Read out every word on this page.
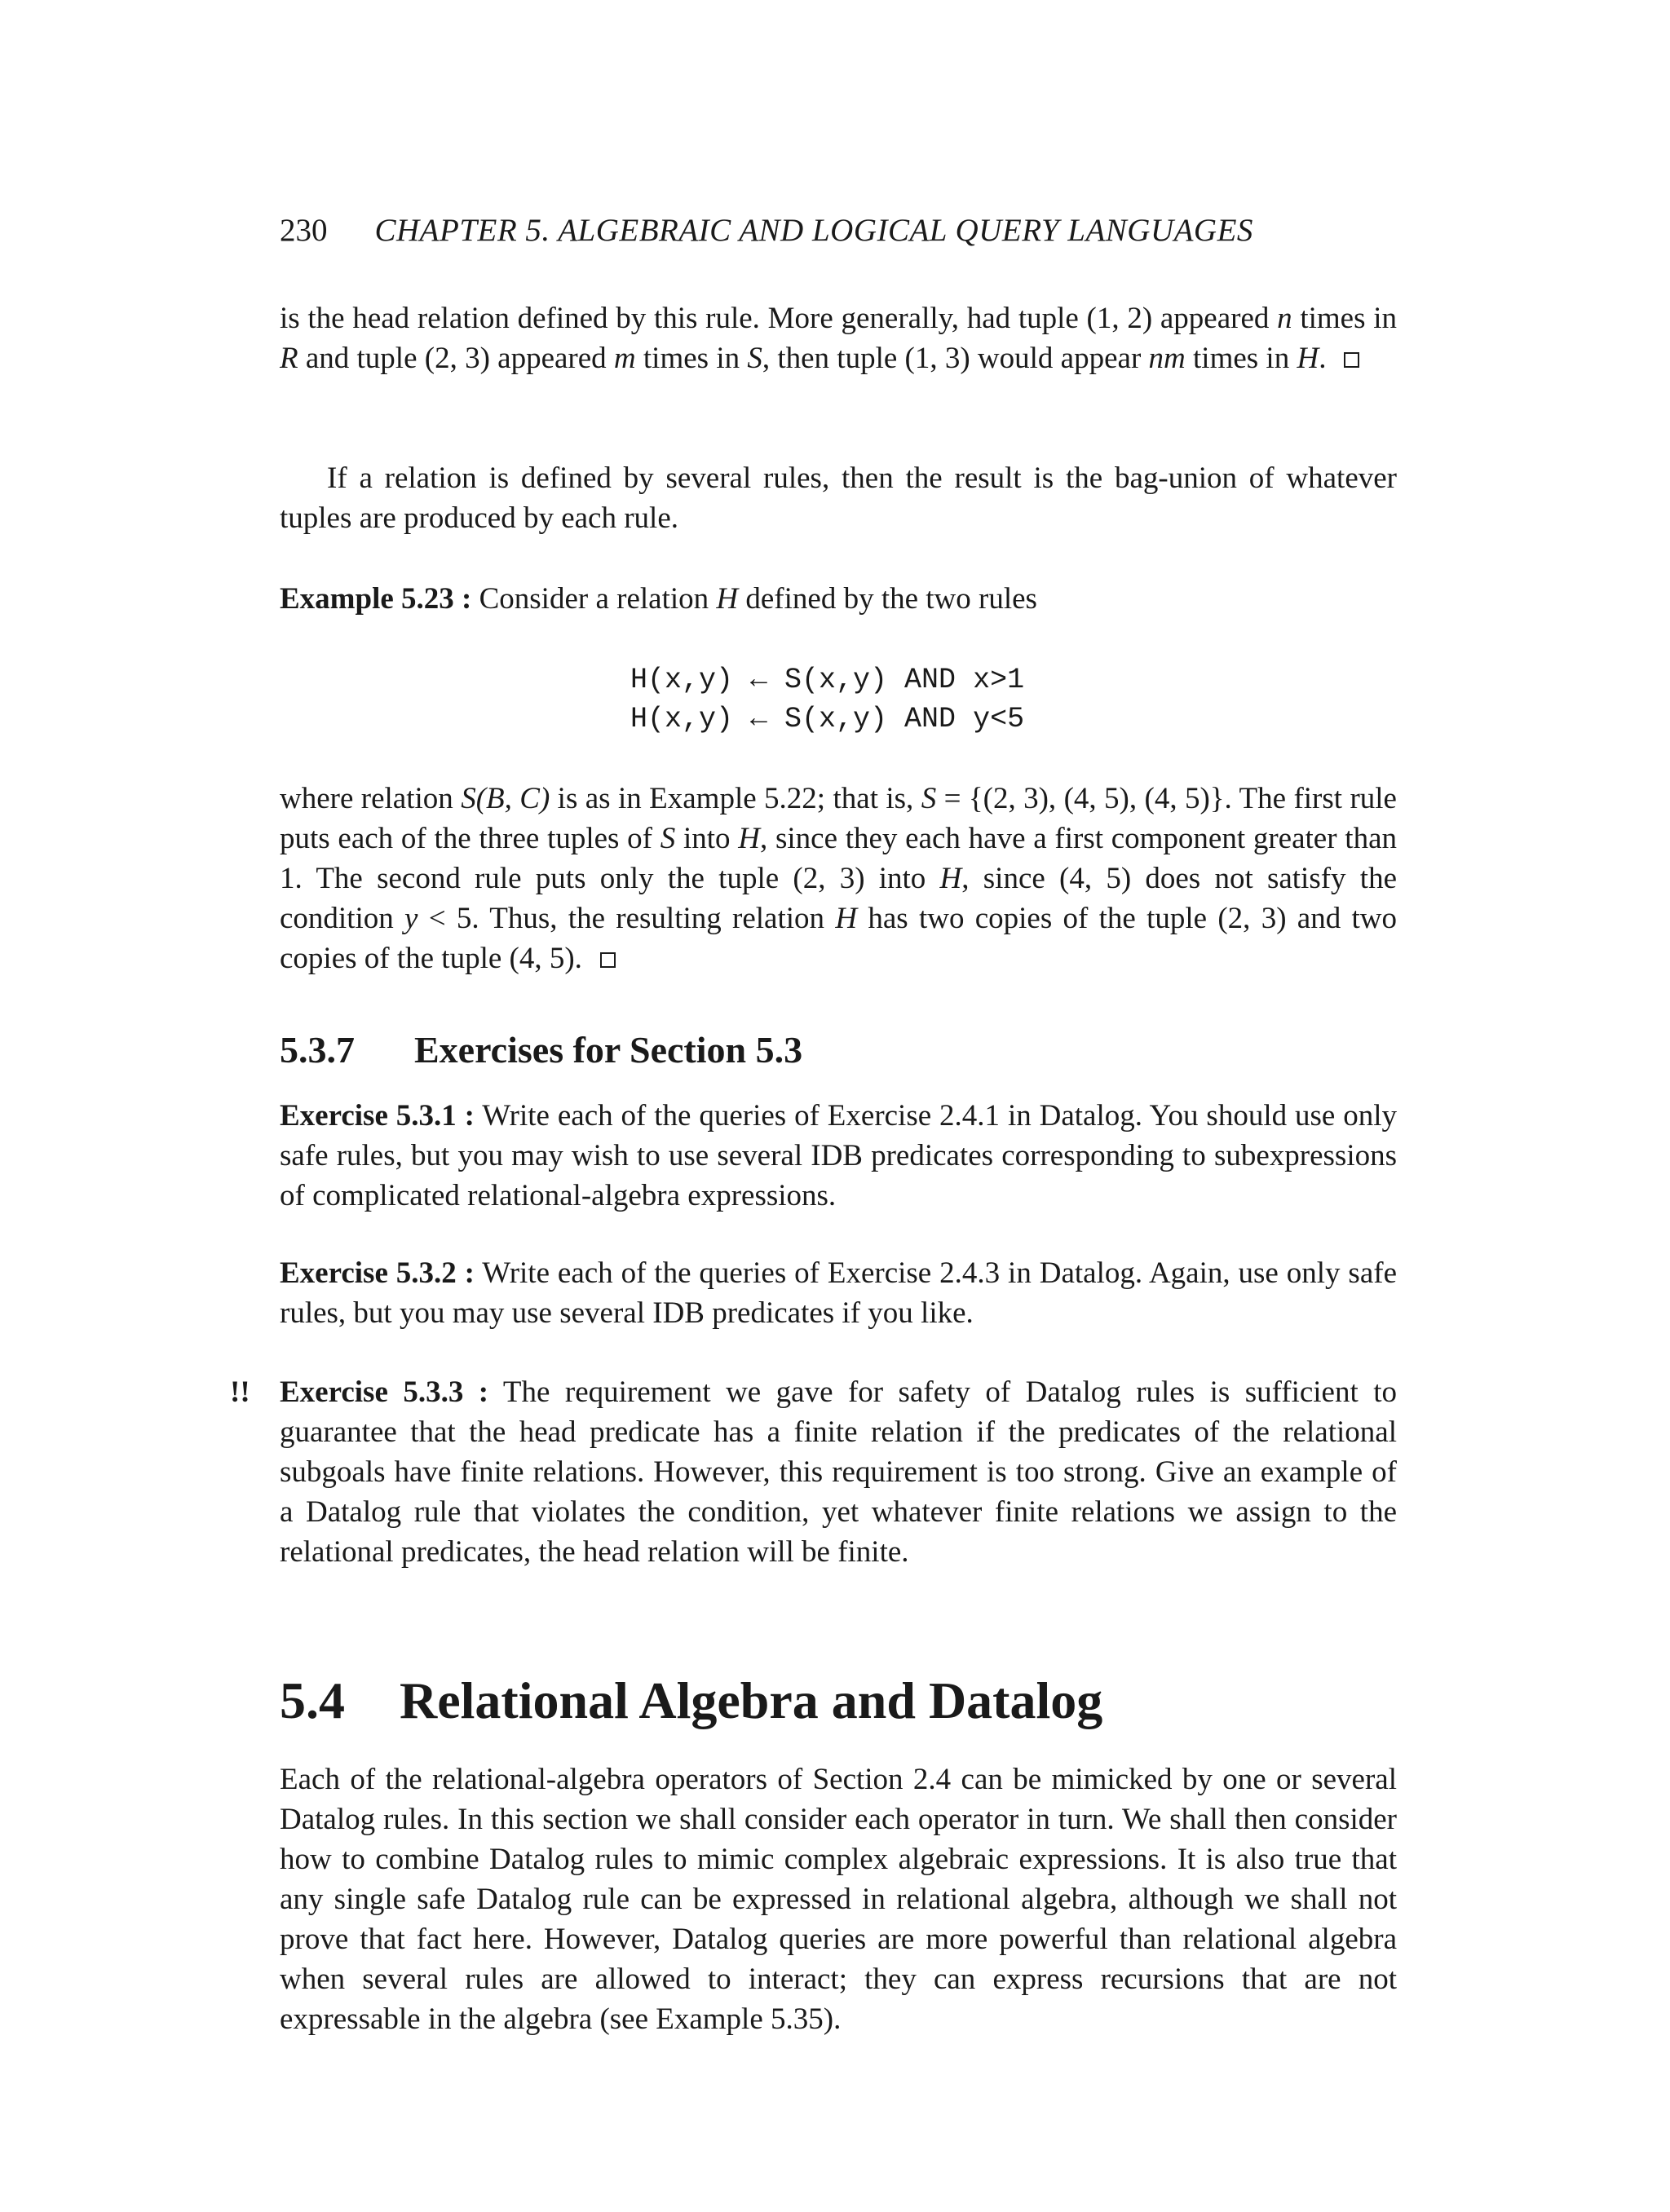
230 CHAPTER 5. ALGEBRAIC AND LOGICAL QUERY LANGUAGES
is the head relation defined by this rule. More generally, had tuple (1, 2) appeared n times in R and tuple (2, 3) appeared m times in S, then tuple (1, 3) would appear nm times in H.
If a relation is defined by several rules, then the result is the bag-union of whatever tuples are produced by each rule.
Example 5.23 : Consider a relation H defined by the two rules
H(x,y) ← S(x,y) AND x>1
H(x,y) ← S(x,y) AND y<5
where relation S(B, C) is as in Example 5.22; that is, S = {(2, 3), (4, 5), (4, 5)}. The first rule puts each of the three tuples of S into H, since they each have a first component greater than 1. The second rule puts only the tuple (2, 3) into H, since (4, 5) does not satisfy the condition y < 5. Thus, the resulting relation H has two copies of the tuple (2, 3) and two copies of the tuple (4, 5).
5.3.7 Exercises for Section 5.3
Exercise 5.3.1 : Write each of the queries of Exercise 2.4.1 in Datalog. You should use only safe rules, but you may wish to use several IDB predicates corresponding to subexpressions of complicated relational-algebra expressions.
Exercise 5.3.2 : Write each of the queries of Exercise 2.4.3 in Datalog. Again, use only safe rules, but you may use several IDB predicates if you like.
!! Exercise 5.3.3 : The requirement we gave for safety of Datalog rules is sufficient to guarantee that the head predicate has a finite relation if the predicates of the relational subgoals have finite relations. However, this requirement is too strong. Give an example of a Datalog rule that violates the condition, yet whatever finite relations we assign to the relational predicates, the head relation will be finite.
5.4 Relational Algebra and Datalog
Each of the relational-algebra operators of Section 2.4 can be mimicked by one or several Datalog rules. In this section we shall consider each operator in turn. We shall then consider how to combine Datalog rules to mimic complex algebraic expressions. It is also true that any single safe Datalog rule can be expressed in relational algebra, although we shall not prove that fact here. However, Datalog queries are more powerful than relational algebra when several rules are allowed to interact; they can express recursions that are not expressable in the algebra (see Example 5.35).
